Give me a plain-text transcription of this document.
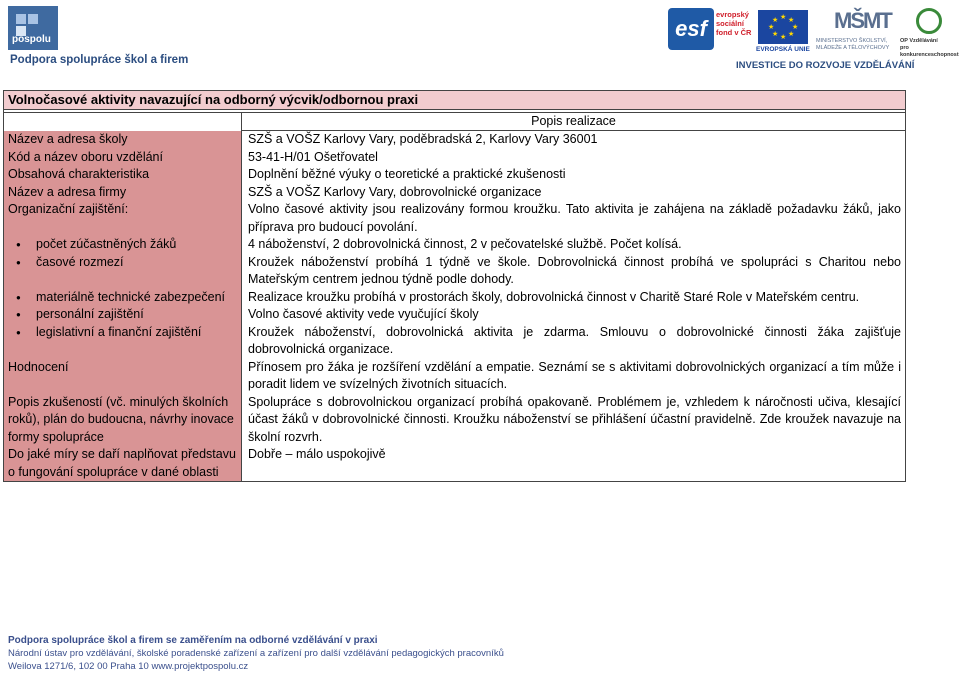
pospolu
Podpora spolupráce škol a firem
esf
evropský
sociální
fond v ČR
★ ★
★
★
★
★
★
★
EVROPSKÁ UNIE
MŠMT
MINISTERSTVO ŠKOLSTVÍ,
MLÁDEŽE A TĚLOVÝCHOVY
OP Vzdělávání
pro konkurenceschopnost
INVESTICE DO ROZVOJE VZDĚLÁVÁNÍ
Volnočasové aktivity navazující na odborný výcvik/odbornou praxi	

	Popis realizace
Název a adresa školy	SZŠ a VOŠZ Karlovy Vary, poděbradská 2, Karlovy Vary 36001
Kód a název oboru vzdělání	53-41-H/01 Ošetřovatel
Obsahová charakteristika	Doplnění běžné výuky o teoretické a praktické zkušenosti
Název a adresa firmy	SZŠ a VOŠZ Karlovy Vary, dobrovolnické organizace
Organizační zajištění:	Volno časové aktivity jsou realizovány formou kroužku. Tato aktivita je zahájena na základě požadavku žáků, jako příprava pro budoucí povolání.
● počet zúčastněných žáků	4 náboženství, 2 dobrovolnická činnost, 2 v pečovatelské službě. Počet kolísá.
● časové rozmezí	Kroužek náboženství probíhá 1 týdně ve škole. Dobrovolnická činnost probíhá ve spolupráci s Charitou nebo Mateřským centrem jednou týdně podle dohody.
● materiálně technické zabezpečení	Realizace kroužku probíhá v prostorách školy, dobrovolnická činnost v Charitě Staré Role v Mateřském centru.
● personální zajištění	Volno časové aktivity vede vyučující školy
● legislativní a finanční zajištění	Kroužek náboženství, dobrovolnická aktivita je zdarma. Smlouvu o dobrovolnické činnosti žáka zajišťuje dobrovolnická organizace.
Hodnocení	Přínosem pro žáka je rozšíření vzdělání a empatie. Seznámí se s aktivitami dobrovolnických organizací a tím může i poradit lidem ve svízelných životních situacích.
Popis zkušeností (vč. minulých školních roků), plán do budoucna, návrhy inovace formy spolupráce	Spolupráce s dobrovolnickou organizací probíhá opakovaně. Problémem je, vzhledem k náročnosti učiva, klesající účast žáků v dobrovolnické činnosti. Kroužku náboženství se přihlášení účastní pravidelně. Zde kroužek navazuje na školní rozvrh.
Do jaké míry se daří naplňovat představu o fungování spolupráce v dané oblasti	Dobře – málo uspokojivě

Podpora spolupráce škol a firem se zaměřením na odborné vzdělávání v praxi

Národní ústav pro vzdělávání, školské poradenské zařízení a zařízení pro další vzdělávání pedagogických pracovníků

Weilova 1271/6, 102 00 Praha 10 www.projektpospolu.cz
